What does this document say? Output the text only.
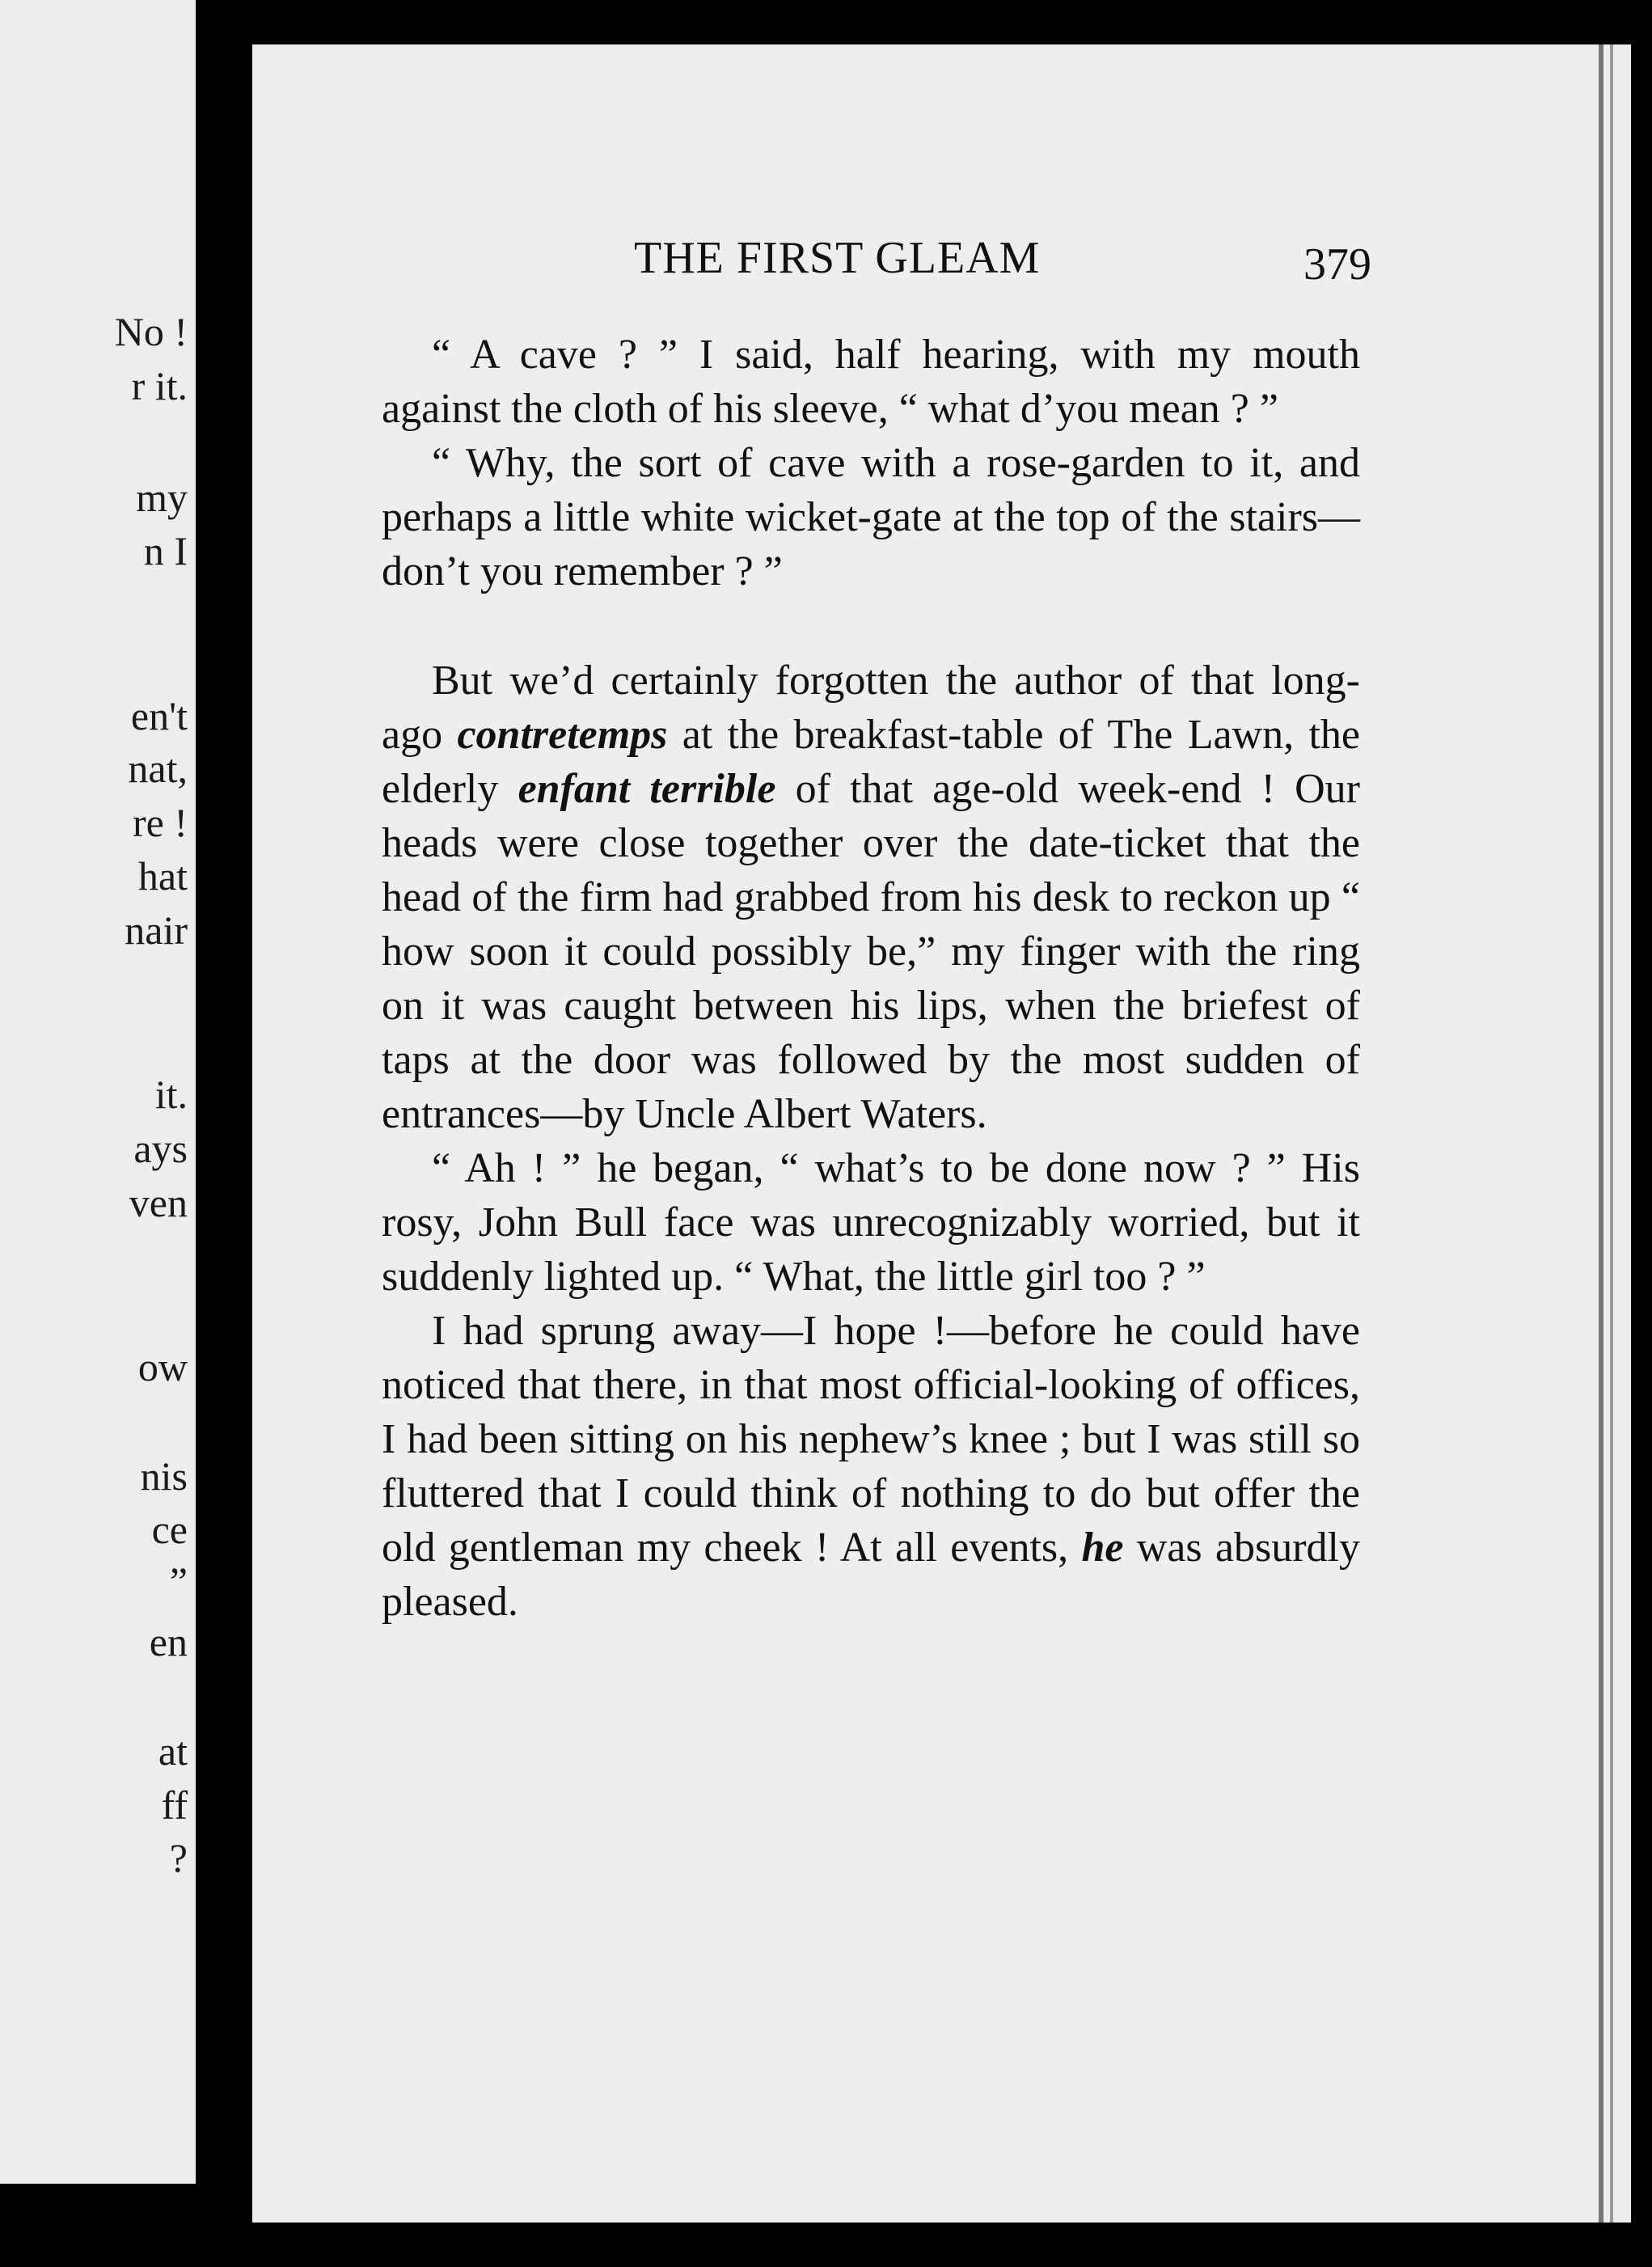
No !
r it.
my
n I
en't
nat,
re !
hat
nair
it.
ays
ven
ow
nis
ce
”
en
at
ff
?
THE FIRST GLEAM	379

“ A cave ? ” I said, half hearing, with my mouth against the cloth of his sleeve, “ what d’you mean ? ”

“ Why, the sort of cave with a rose-garden to it, and perhaps a little white wicket-gate at the top of the stairs—don’t you remember ? ”

But we’d certainly forgotten the author of that long-ago contretemps at the breakfast-table of The Lawn, the elderly enfant terrible of that age-old week-end ! Our heads were close together over the date-ticket that the head of the firm had grabbed from his desk to reckon up “ how soon it could possibly be,” my finger with the ring on it was caught between his lips, when the briefest of taps at the door was followed by the most sudden of entrances—by Uncle Albert Waters.

“ Ah ! ” he began, “ what’s to be done now ? ” His rosy, John Bull face was unrecognizably worried, but it suddenly lighted up. “ What, the little girl too ? ”

I had sprung away—I hope !—before he could have noticed that there, in that most official-looking of offices, I had been sitting on his nephew’s knee ; but I was still so fluttered that I could think of nothing to do but offer the old gentleman my cheek ! At all events, he was absurdly pleased.
